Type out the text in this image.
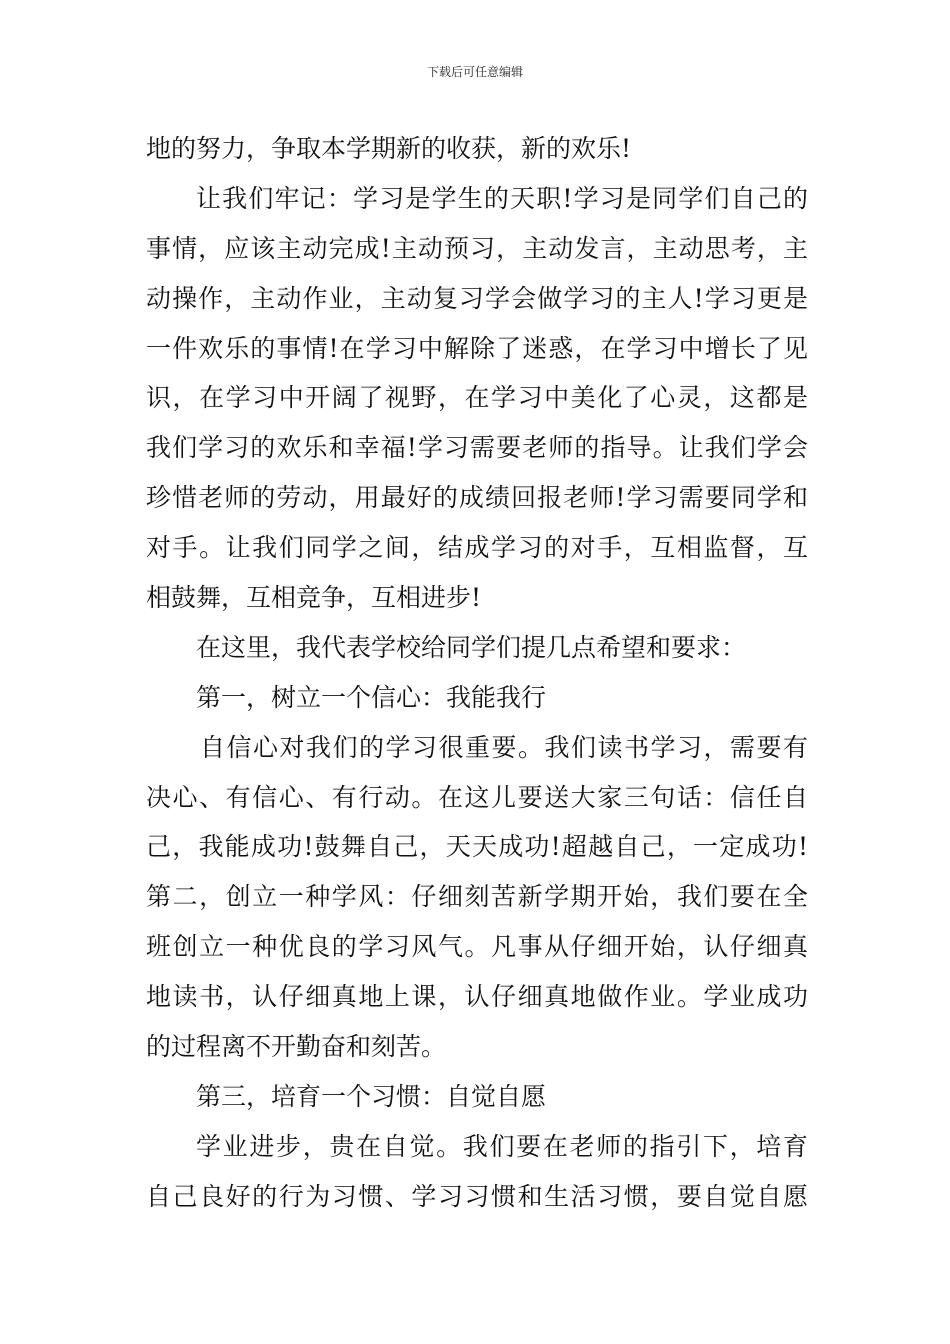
下载后可任意编辑
地的努力，争取本学期新的收获，新的欢乐!
让我们牢记：学习是学生的天职!学习是同学们自己的
事情，应该主动完成!主动预习，主动发言，主动思考，主
动操作，主动作业，主动复习学会做学习的主人!学习更是
一件欢乐的事情!在学习中解除了迷惑，在学习中增长了见
识，在学习中开阔了视野，在学习中美化了心灵，这都是
我们学习的欢乐和幸福!学习需要老师的指导。让我们学会
珍惜老师的劳动，用最好的成绩回报老师!学习需要同学和
对手。让我们同学之间，结成学习的对手，互相监督，互
相鼓舞，互相竞争，互相进步!
在这里，我代表学校给同学们提几点希望和要求：
第一，树立一个信心：我能我行
自信心对我们的学习很重要。我们读书学习，需要有
决心、有信心、有行动。在这儿要送大家三句话：信任自
己，我能成功!鼓舞自己，天天成功!超越自己，一定成功!
第二，创立一种学风：仔细刻苦新学期开始，我们要在全
班创立一种优良的学习风气。凡事从仔细开始，认仔细真
地读书，认仔细真地上课，认仔细真地做作业。学业成功
的过程离不开勤奋和刻苦。
第三，培育一个习惯：自觉自愿
学业进步，贵在自觉。我们要在老师的指引下，培育
自己良好的行为习惯、学习习惯和生活习惯，要自觉自愿
